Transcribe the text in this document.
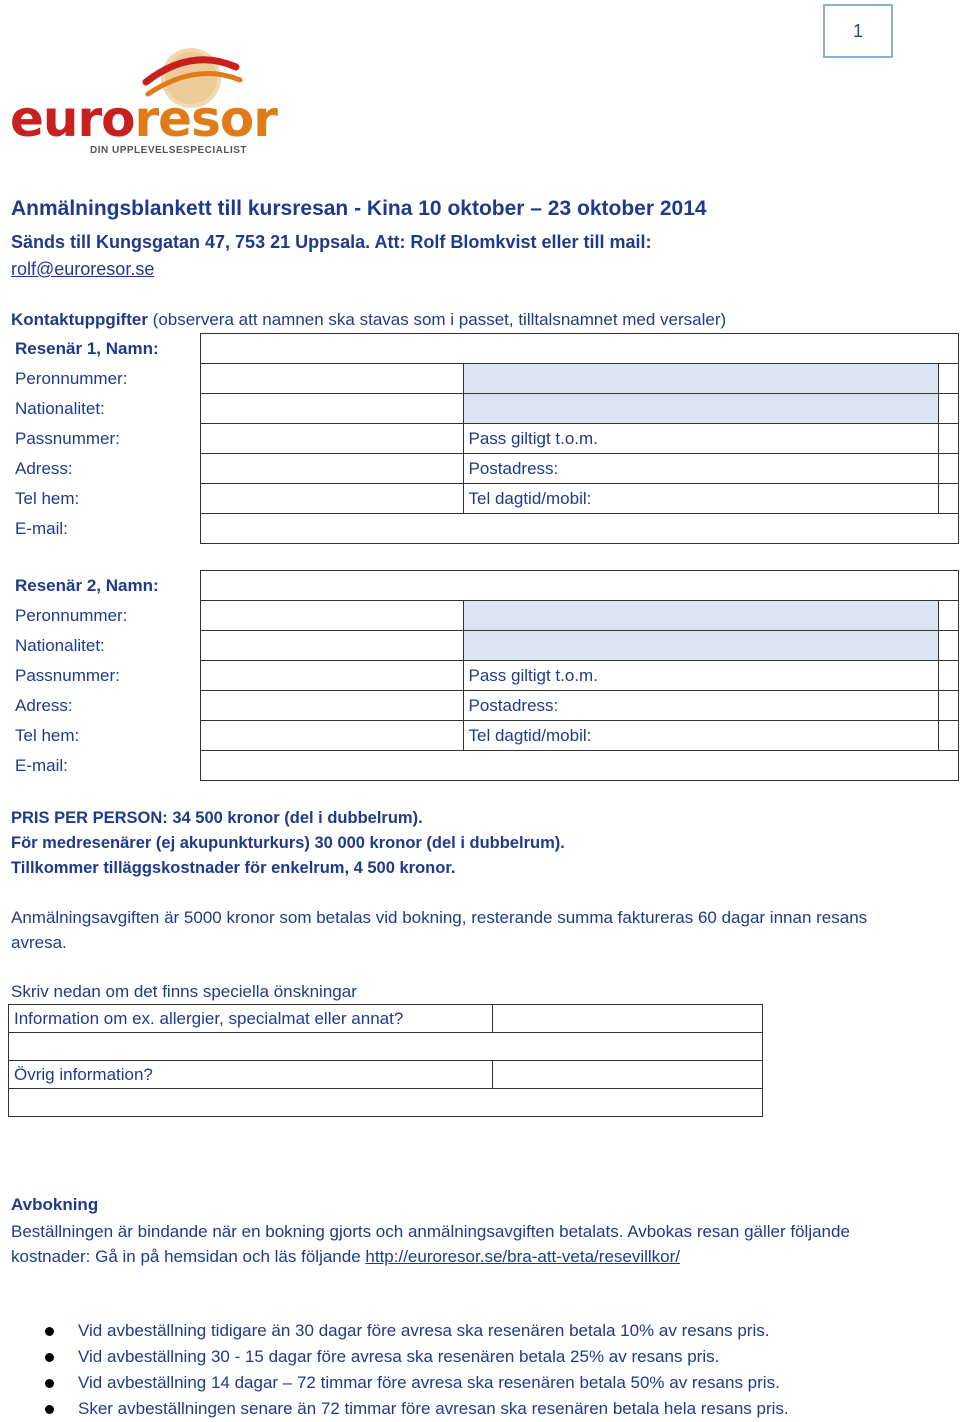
1
euroresor
DIN UPPLEVELSESPECIALIST
Anmälningsblankett till kursresan - Kina 10 oktober – 23 oktober 2014
Sänds till Kungsgatan 47, 753 21 Uppsala. Att: Rolf Blomkvist eller till mail:
rolf@euroresor.se
Kontaktuppgifter (observera att namnen ska stavas som i passet, tilltalsnamnet med versaler)
Resenär 1, Namn:			
Peronnummer:			
Nationalitet:			
Passnummer:		Pass giltigt t.o.m.	
Adress:		Postadress:	
Tel hem:		Tel dagtid/mobil:	
E-mail:			
Resenär 2, Namn:			
Peronnummer:			
Nationalitet:			
Passnummer:		Pass giltigt t.o.m.	
Adress:		Postadress:	
Tel hem:		Tel dagtid/mobil:	
E-mail:			
PRIS PER PERSON: 34 500 kronor (del i dubbelrum).
För medresenärer (ej akupunkturkurs) 30 000 kronor (del i dubbelrum).
Tillkommer tilläggskostnader för enkelrum, 4 500 kronor.
Anmälningsavgiften är 5000 kronor som betalas vid bokning, resterande summa faktureras 60 dagar innan resans avresa.
Skriv nedan om det finns speciella önskningar
Information om ex. allergier, specialmat eller annat?	

Övrig information?	

Avbokning
Beställningen är bindande när en bokning gjorts och anmälningsavgiften betalats. Avbokas resan gäller följande kostnader: Gå in på hemsidan och läs följande http://euroresor.se/bra-att-veta/resevillkor/
Vid avbeställning tidigare än 30 dagar före avresa ska resenären betala 10% av resans pris.
Vid avbeställning 30 - 15 dagar före avresa ska resenären betala 25% av resans pris.
Vid avbeställning 14 dagar – 72 timmar före avresa ska resenären betala 50% av resans pris.
Sker avbeställningen senare än 72 timmar före avresan ska resenären betala hela resans pris.
